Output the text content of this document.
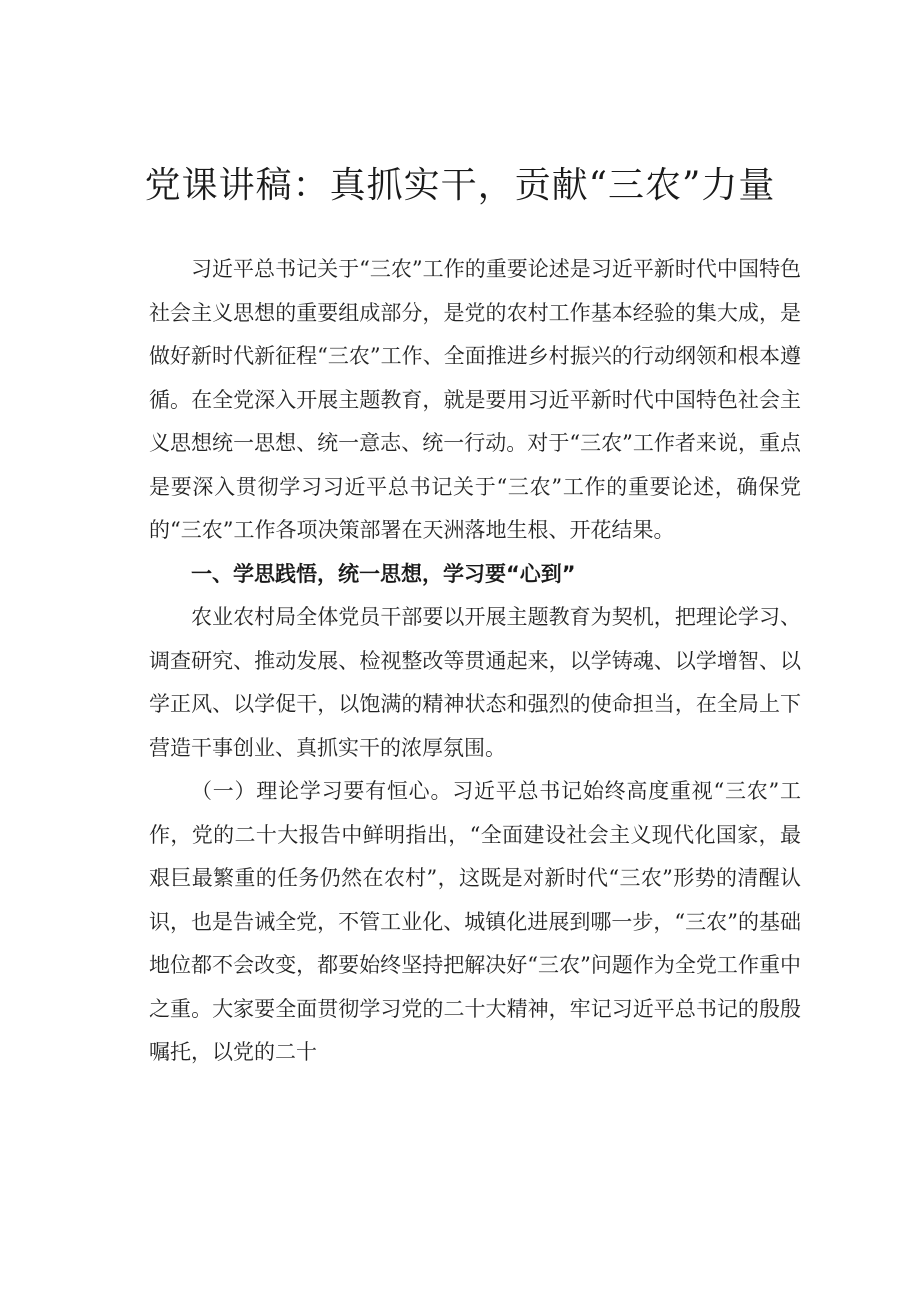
党课讲稿：真抓实干，贡献“三农”力量

习近平总书记关于“三农”工作的重要论述是习近平新时代中国特色社会主义思想的重要组成部分，是党的农村工作基本经验的集大成，是做好新时代新征程“三农”工作、全面推进乡村振兴的行动纲领和根本遵循。在全党深入开展主题教育，就是要用习近平新时代中国特色社会主义思想统一思想、统一意志、统一行动。对于“三农”工作者来说，重点是要深入贯彻学习习近平总书记关于“三农”工作的重要论述，确保党的“三农”工作各项决策部署在天洲落地生根、开花结果。

一、学思践悟，统一思想，学习要“心到”

农业农村局全体党员干部要以开展主题教育为契机，把理论学习、调查研究、推动发展、检视整改等贯通起来，以学铸魂、以学增智、以学正风、以学促干，以饱满的精神状态和强烈的使命担当，在全局上下营造干事创业、真抓实干的浓厚氛围。

（一）理论学习要有恒心。习近平总书记始终高度重视“三农”工作，党的二十大报告中鲜明指出，“全面建设社会主义现代化国家，最艰巨最繁重的任务仍然在农村”，这既是对新时代“三农”形势的清醒认识，也是告诫全党，不管工业化、城镇化进展到哪一步，“三农”的基础地位都不会改变，都要始终坚持把解决好“三农”问题作为全党工作重中之重。大家要全面贯彻学习党的二十大精神，牢记习近平总书记的殷殷嘱托，以党的二十
